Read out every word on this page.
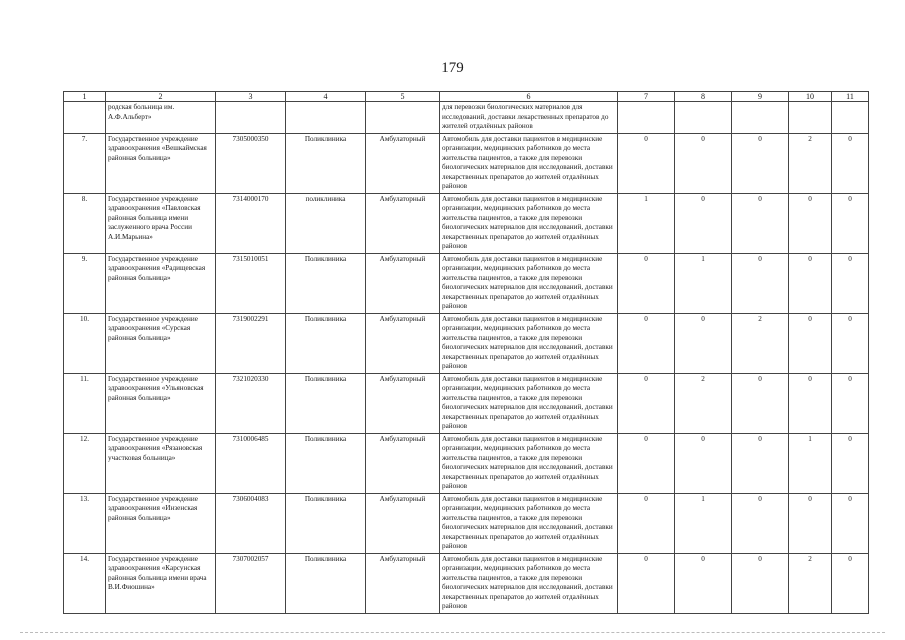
179
1	2	3	4	5	6	7	8	9	10	11
	родская больница им. А.Ф.Альберт»				для перевозки биологических материалов для исследований, доставки лекарственных препаратов до жителей отдалённых районов					
7.	Государственное учреждение здравоохранения «Вешкаймская районная больница»	7305000350	Поликлиника	Амбулаторный	Автомобиль для доставки пациентов в медицинские организации, медицинских работников до места жительства пациентов, а также для перевозки биологических материалов для исследований, доставки лекарственных препаратов до жителей отдалённых районов	0	0	0	2	0
8.	Государственное учреждение здравоохранения «Павловская районная больница имени заслуженного врача России А.И.Марьина»	7314000170	поликлиника	Амбулаторный	Автомобиль для доставки пациентов в медицинские организации, медицинских работников до места жительства пациентов, а также для перевозки биологических материалов для исследований, доставки лекарственных препаратов до жителей отдалённых районов	1	0	0	0	0
9.	Государственное учреждение здравоохранения «Радищевская районная больница»	7315010051	Поликлиника	Амбулаторный	Автомобиль для доставки пациентов в медицинские организации, медицинских работников до места жительства пациентов, а также для перевозки биологических материалов для исследований, доставки лекарственных препаратов до жителей отдалённых районов	0	1	0	0	0
10.	Государственное учреждение здравоохранения «Сурская районная больница»	7319002291	Поликлиника	Амбулаторный	Автомобиль для доставки пациентов в медицинские организации, медицинских работников до места жительства пациентов, а также для перевозки биологических материалов для исследований, доставки лекарственных препаратов до жителей отдалённых районов	0	0	2	0	0
11.	Государственное учреждение здравоохранения «Ульяновская районная больница»	7321020330	Поликлиника	Амбулаторный	Автомобиль для доставки пациентов в медицинские организации, медицинских работников до места жительства пациентов, а также для перевозки биологических материалов для исследований, доставки лекарственных препаратов до жителей отдалённых районов	0	2	0	0	0
12.	Государственное учреждение здравоохранения «Рязановская участковая больница»	7310006485	Поликлиника	Амбулаторный	Автомобиль для доставки пациентов в медицинские организации, медицинских работников до места жительства пациентов, а также для перевозки биологических материалов для исследований, доставки лекарственных препаратов до жителей отдалённых районов	0	0	0	1	0
13.	Государственное учреждение здравоохранения «Инзенская районная больница»	7306004083	Поликлиника	Амбулаторный	Автомобиль для доставки пациентов в медицинские организации, медицинских работников до места жительства пациентов, а также для перевозки биологических материалов для исследований, доставки лекарственных препаратов до жителей отдалённых районов	0	1	0	0	0
14.	Государственное учреждение здравоохранения «Карсунская районная больница имени врача В.И.Фиошина»	7307002057	Поликлиника	Амбулаторный	Автомобиль для доставки пациентов в медицинские организации, медицинских работников до места жительства пациентов, а также для перевозки биологических материалов для исследований, доставки лекарственных препаратов до жителей отдалённых районов	0	0	0	2	0
